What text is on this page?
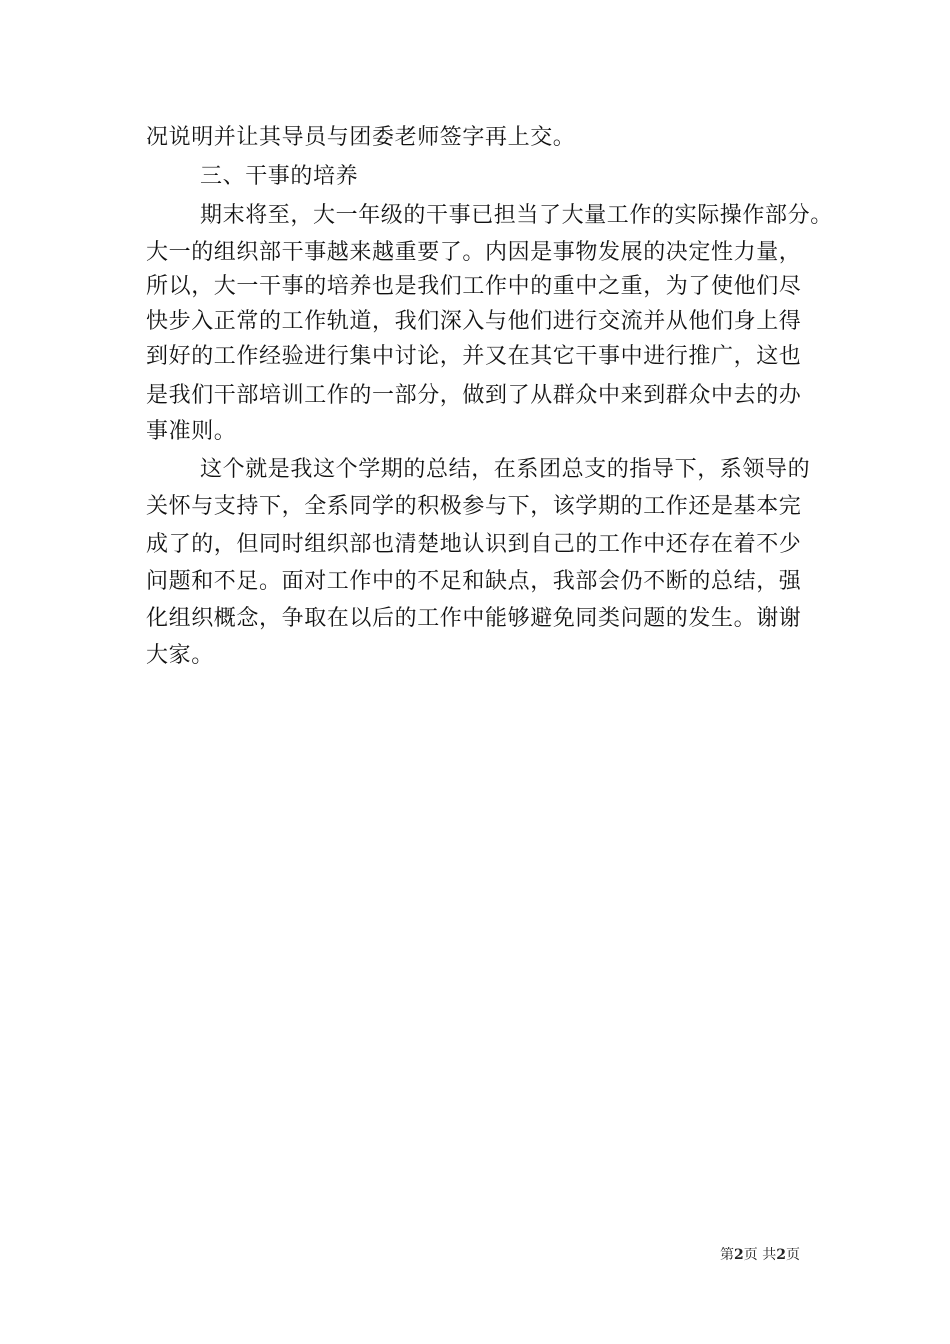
况说明并让其导员与团委老师签字再上交。
三、干事的培养
期末将至，大一年级的干事已担当了大量工作的实际操作部分。
大一的组织部干事越来越重要了。内因是事物发展的决定性力量，
所以，大一干事的培养也是我们工作中的重中之重，为了使他们尽
快步入正常的工作轨道，我们深入与他们进行交流并从他们身上得
到好的工作经验进行集中讨论，并又在其它干事中进行推广，这也
是我们干部培训工作的一部分，做到了从群众中来到群众中去的办
事准则。
这个就是我这个学期的总结，在系团总支的指导下，系领导的
关怀与支持下，全系同学的积极参与下，该学期的工作还是基本完
成了的，但同时组织部也清楚地认识到自己的工作中还存在着不少
问题和不足。面对工作中的不足和缺点，我部会仍不断的总结，强
化组织概念，争取在以后的工作中能够避免同类问题的发生。谢谢
大家。
第2页 共2页
